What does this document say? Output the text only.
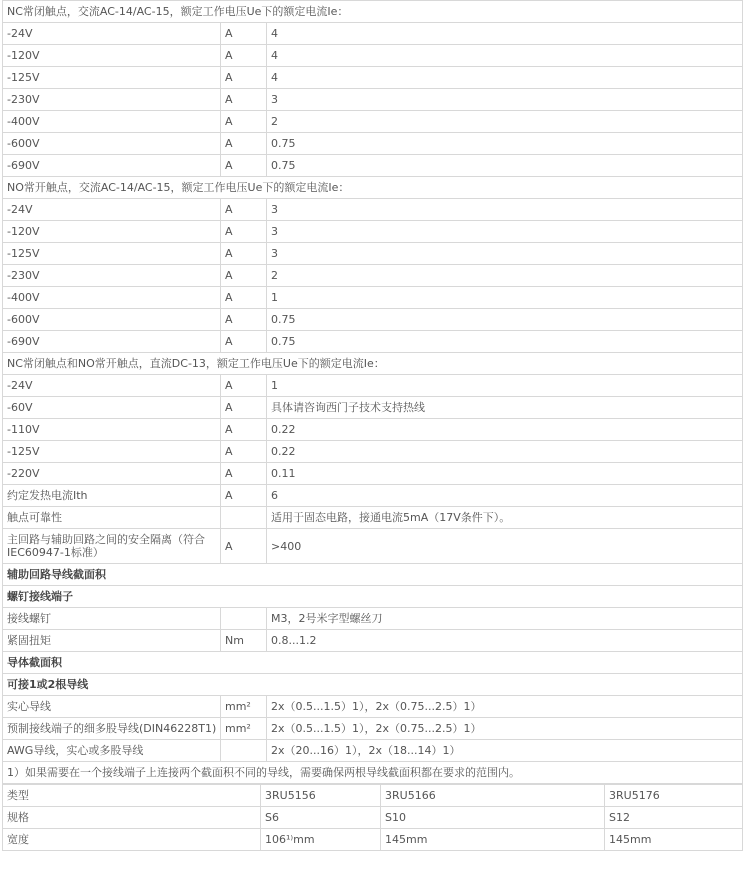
NC常闭触点，交流AC-14/AC-15，额定工作电压Ue下的额定电流Ie：		
-24V	A	4
-120V	A	4
-125V	A	4
-230V	A	3
-400V	A	2
-600V	A	0.75
-690V	A	0.75
NO常开触点，交流AC-14/AC-15，额定工作电压Ue下的额定电流Ie：		
-24V	A	3
-120V	A	3
-125V	A	3
-230V	A	2
-400V	A	1
-600V	A	0.75
-690V	A	0.75
NC常闭触点和NO常开触点，直流DC-13，额定工作电压Ue下的额定电流Ie：		
-24V	A	1
-60V	A	具体请咨询西门子技术支持热线
-110V	A	0.22
-125V	A	0.22
-220V	A	0.11
约定发热电流Ith	A	6
触点可靠性		适用于固态电路，接通电流5mA（17V条件下）。
主回路与辅助回路之间的安全隔离（符合IEC60947-1标准）	A	>400
辅助回路导线截面积		
螺钉接线端子		
接线螺钉		M3，2号米字型螺丝刀
紧固扭矩	Nm	0.8...1.2
导体截面积		
可接1或2根导线		
实心导线	mm²	2x（0.5...1.5）1），2x（0.75...2.5）1）
预制接线端子的细多股导线(DIN46228T1)	mm²	2x（0.5...1.5）1），2x（0.75...2.5）1）
AWG导线，实心或多股导线		2x（20...16）1），2x（18...14）1）
1）如果需要在一个接线端子上连接两个截面积不同的导线，需要确保两根导线截面积都在要求的范围内。		
类型	3RU5156	3RU5166	3RU5176
规格	S6	S10	S12
宽度	106¹⁾mm	145mm	145mm
